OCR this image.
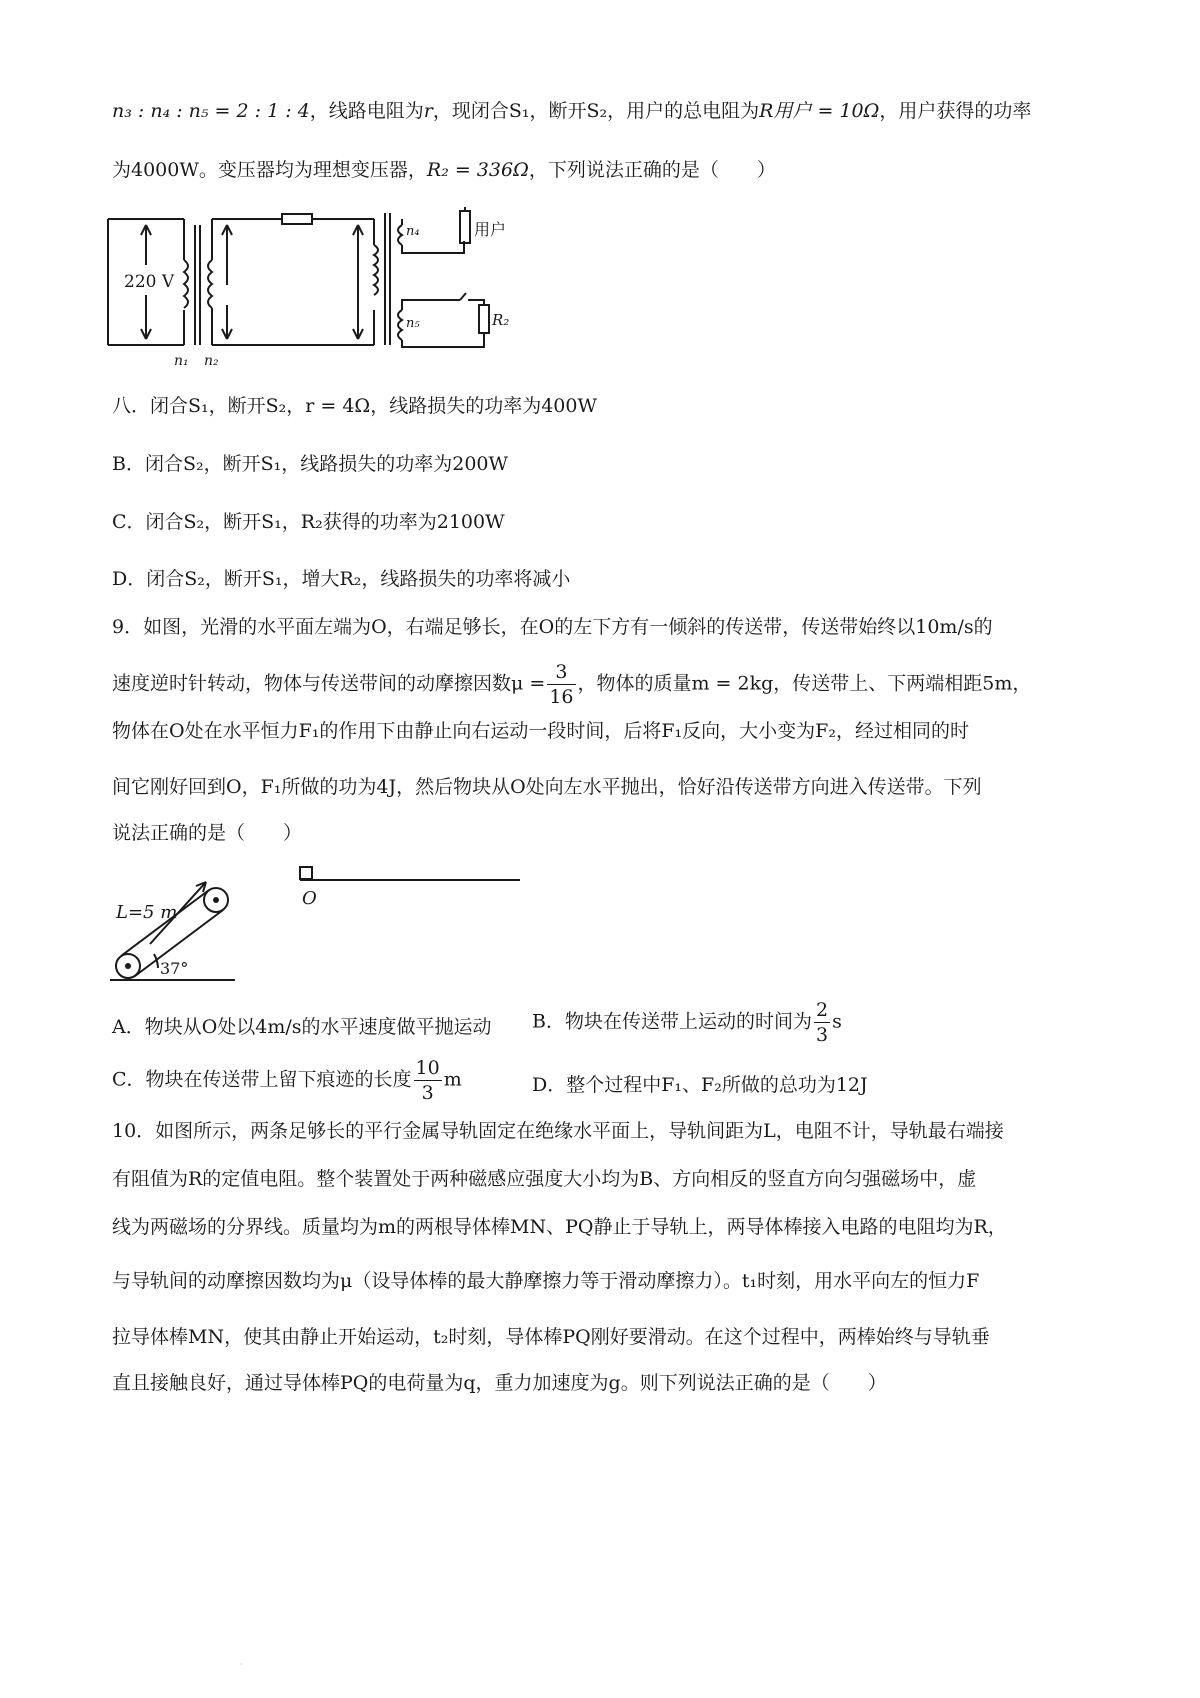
n₃ : n₄ : n₅ = 2 : 1 : 4，线路电阻为r，现闭合S₁，断开S₂，用户的总电阻为R用户 = 10Ω，用户获得的功率
为4000W。变压器均为理想变压器，R₂ = 336Ω，下列说法正确的是（　　）
220 V
n₁ n₂
n₄
n₅
用户
R₂
八．闭合S₁，断开S₂，r = 4Ω，线路损失的功率为400W
B．闭合S₂，断开S₁，线路损失的功率为200W
C．闭合S₂，断开S₁，R₂获得的功率为2100W
D．闭合S₂，断开S₁，增大R₂，线路损失的功率将减小
9．如图，光滑的水平面左端为O，右端足够长，在O的左下方有一倾斜的传送带，传送带始终以10m/s的
速度逆时针转动，物体与传送带间的动摩擦因数$\mu = \frac{3}{16}$ ，物体的质量m = 2kg，传送带上、下两端相距5m，
物体在O处在水平恒力F₁的作用下由静止向右运动一段时间，后将F₁反向，大小变为F₂，经过相同的时
间它刚好回到O，F₁所做的功为4J，然后物块从O处向左水平抛出，恰好沿传送带方向进入传送带。下列
说法正确的是（　　）
L=5 m
37°
O
A．物块从O处以4m/s的水平速度做平抛运动 B．物块在传送带上运动的时间为 $\frac{2}{3}$ s
C．物块在传送带上留下痕迹的长度 $\frac{10}{3}$ m	D．整个过程中F₁、F₂所做的总功为12J
10．如图所示，两条足够长的平行金属导轨固定在绝缘水平面上，导轨间距为L，电阻不计，导轨最右端接
有阻值为R的定值电阻。整个装置处于两种磁感应强度大小均为B、方向相反的竖直方向匀强磁场中，虚
线为两磁场的分界线。质量均为m的两根导体棒MN、PQ静止于导轨上，两导体棒接入电路的电阻均为R，
与导轨间的动摩擦因数均为μ（设导体棒的最大静摩擦力等于滑动摩擦力）。t₁时刻，用水平向左的恒力F
拉导体棒MN，使其由静止开始运动，t₂时刻，导体棒PQ刚好要滑动。在这个过程中，两棒始终与导轨垂
直且接触良好，通过导体棒PQ的电荷量为q，重力加速度为g。则下列说法正确的是（　　）
·
